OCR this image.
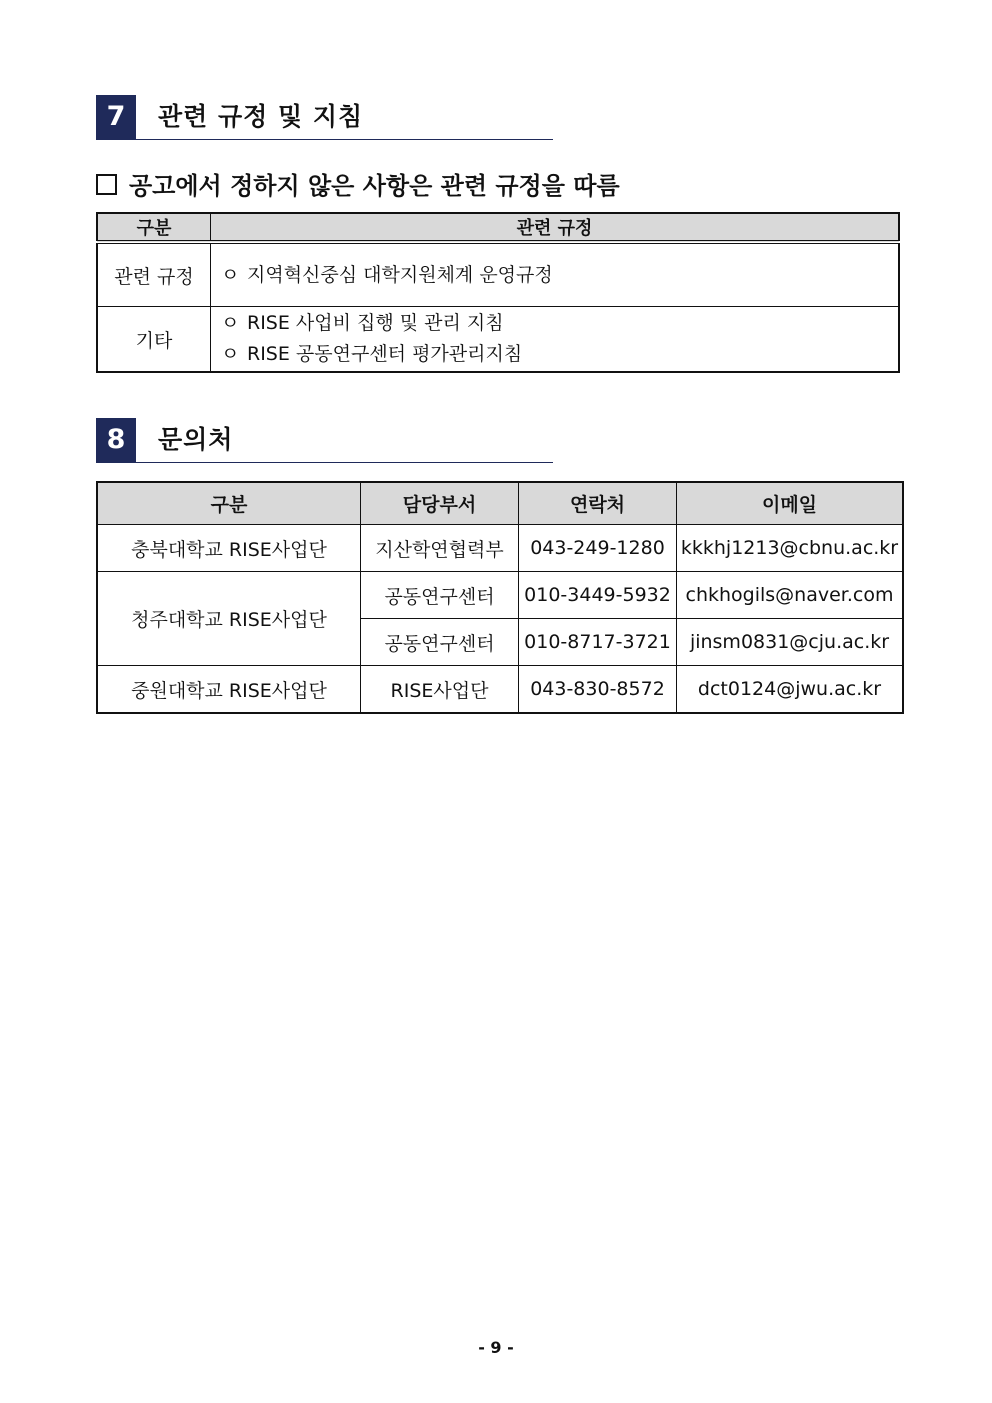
7	관련 규정 및 지침
공고에서 정하지 않은 사항은 관련 규정을 따름
구분	관련 규정
관련 규정	ㅇ 지역혁신중심 대학지원체계 운영규정

기타	ㅇ RISE 사업비 집행 및 관리 지침
ㅇ RISE 공동연구센터 평가관리지침
8	문의처
구분	담당부서	연락처	이메일
충북대학교 RISE사업단	지산학연협력부	043-249-1280	kkkhj1213@cbnu.ac.kr
청주대학교 RISE사업단	공동연구센터	010-3449-5932	chkhogils@naver.com
	공동연구센터	010-8717-3721	jinsm0831@cju.ac.kr
중원대학교 RISE사업단	RISE사업단	043-830-8572	dct0124@jwu.ac.kr
- 9 -
